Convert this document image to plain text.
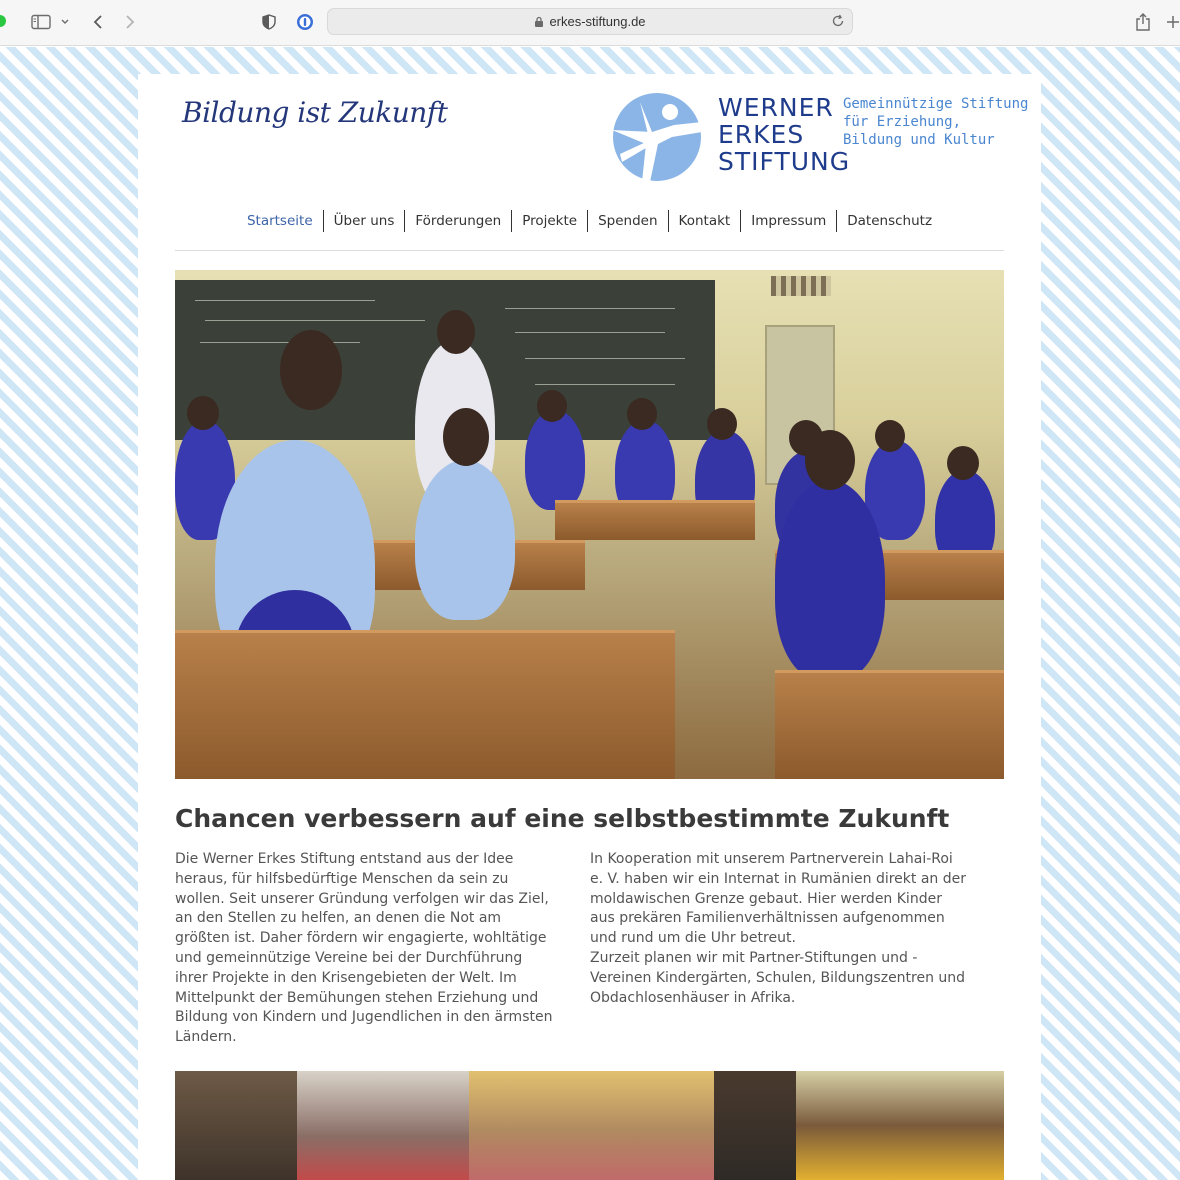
erkes-stiftung.de
Bildung ist Zukunft	WERNER
ERKES
STIFTUNG
Gemeinnützige Stiftung
für Erziehung,
Bildung und Kultur
Startseite	Über uns	Förderungen	Projekte	Spenden	Kontakt	Impressum	Datenschutz
Chancen verbessern auf eine selbstbestimmte Zukunft
Die Werner Erkes Stiftung entstand aus der Idee
heraus, für hilfsbedürftige Menschen da sein zu
wollen. Seit unserer Gründung verfolgen wir das Ziel,
an den Stellen zu helfen, an denen die Not am
größten ist. Daher fördern wir engagierte, wohltätige
und gemeinnützige Vereine bei der Durchführung
ihrer Projekte in den Krisengebieten der Welt. Im
Mittelpunkt der Bemühungen stehen Erziehung und
Bildung von Kindern und Jugendlichen in den ärmsten
Ländern.
In Kooperation mit unserem Partnerverein Lahai-Roi
e. V. haben wir ein Internat in Rumänien direkt an der
moldawischen Grenze gebaut. Hier werden Kinder
aus prekären Familienverhältnissen aufgenommen
und rund um die Uhr betreut.
Zurzeit planen wir mit Partner-Stiftungen und -
Vereinen Kindergärten, Schulen, Bildungszentren und
Obdachlosenhäuser in Afrika.
